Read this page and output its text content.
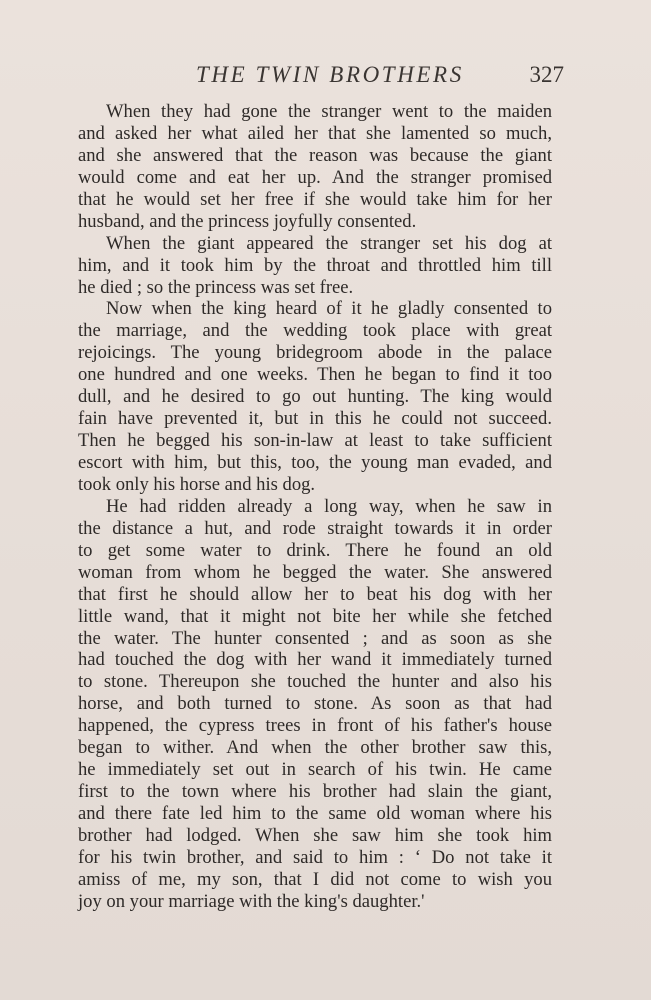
THE TWIN BROTHERS	327
When they had gone the stranger went to the maiden
and asked her what ailed her that she lamented so much,
and she answered that the reason was because the giant
would come and eat her up. And the stranger promised
that he would set her free if she would take him for her
husband, and the princess joyfully consented.
When the giant appeared the stranger set his dog at
him, and it took him by the throat and throttled him till
he died ; so the princess was set free.
Now when the king heard of it he gladly consented to
the marriage, and the wedding took place with great
rejoicings. The young bridegroom abode in the palace
one hundred and one weeks. Then he began to find it too
dull, and he desired to go out hunting. The king would
fain have prevented it, but in this he could not succeed.
Then he begged his son-in-law at least to take sufficient
escort with him, but this, too, the young man evaded, and
took only his horse and his dog.
He had ridden already a long way, when he saw in
the distance a hut, and rode straight towards it in order
to get some water to drink. There he found an old
woman from whom he begged the water. She answered
that first he should allow her to beat his dog with her
little wand, that it might not bite her while she fetched
the water. The hunter consented ; and as soon as she
had touched the dog with her wand it immediately turned
to stone. Thereupon she touched the hunter and also his
horse, and both turned to stone. As soon as that had
happened, the cypress trees in front of his father's house
began to wither. And when the other brother saw this,
he immediately set out in search of his twin. He came
first to the town where his brother had slain the giant,
and there fate led him to the same old woman where his
brother had lodged. When she saw him she took him
for his twin brother, and said to him : ‘ Do not take it
amiss of me, my son, that I did not come to wish you
joy on your marriage with the king's daughter.'
